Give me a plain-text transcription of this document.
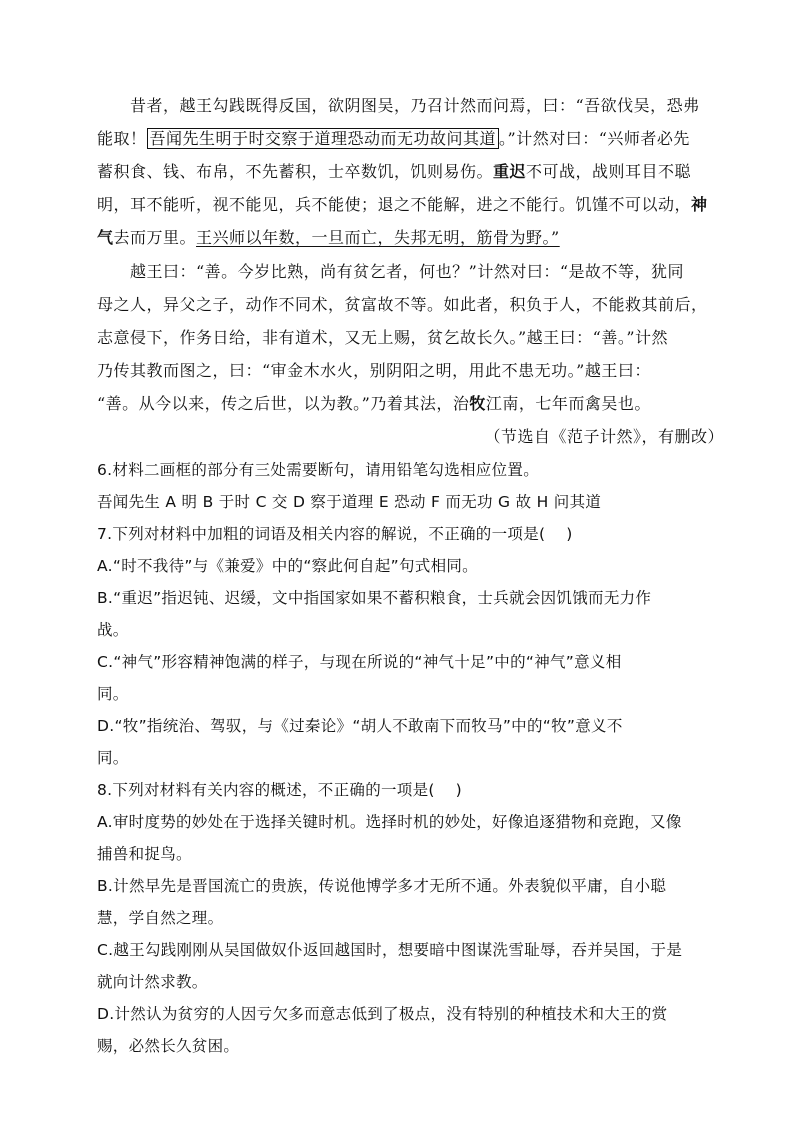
昔者，越王勾践既得反国，欲阴图吴，乃召计然而问焉，曰：“吾欲伐吴，恐弗
能取！ 吾闻先生明于时交察于道理恐动而无功故问其道 。”计然对曰：“兴师者必先
蓄积食、钱、布帛，不先蓄积，士卒数饥，饥则易伤。重迟不可战，战则耳目不聪
明，耳不能听，视不能见，兵不能使；退之不能解，进之不能行。饥馑不可以动，神
气去而万里。王兴师以年数，一旦而亡，失邦无明，筋骨为野。”
越王曰：“善。今岁比熟，尚有贫乞者，何也？”计然对曰：“是故不等，犹同
母之人，异父之子，动作不同术，贫富故不等。如此者，积负于人，不能救其前后，
志意侵下，作务日给，非有道术，又无上赐，贫乞故长久。”越王曰：“善。”计然
乃传其教而图之，曰：“审金木水火，别阴阳之明，用此不患无功。”越王曰：
“善。从今以来，传之后世，以为教。”乃着其法，治牧江南，七年而禽吴也。
（节选自《范子计然》，有删改）
6.材料二画框的部分有三处需要断句，请用铅笔勾选相应位置。
吾闻先生 A 明 B 于时 C 交 D 察于道理 E 恐动 F 而无功 G 故 H 问其道
7.下列对材料中加粗的词语及相关内容的解说，不正确的一项是(    )
A.“时不我待”与《兼爱》中的“察此何自起”句式相同。
B.“重迟”指迟钝、迟缓，文中指国家如果不蓄积粮食，士兵就会因饥饿而无力作
战。
C.“神气”形容精神饱满的样子，与现在所说的“神气十足”中的“神气”意义相
同。
D.“牧”指统治、驾驭，与《过秦论》“胡人不敢南下而牧马”中的“牧”意义不
同。
8.下列对材料有关内容的概述，不正确的一项是(    )
A.审时度势的妙处在于选择关键时机。选择时机的妙处，好像追逐猎物和竞跑，又像
捕兽和捉鸟。
B.计然早先是晋国流亡的贵族，传说他博学多才无所不通。外表貌似平庸，自小聪
慧，学自然之理。
C.越王勾践刚刚从吴国做奴仆返回越国时，想要暗中图谋洗雪耻辱，吞并吴国，于是
就向计然求教。
D.计然认为贫穷的人因亏欠多而意志低到了极点，没有特别的种植技术和大王的赏
赐，必然长久贫困。
